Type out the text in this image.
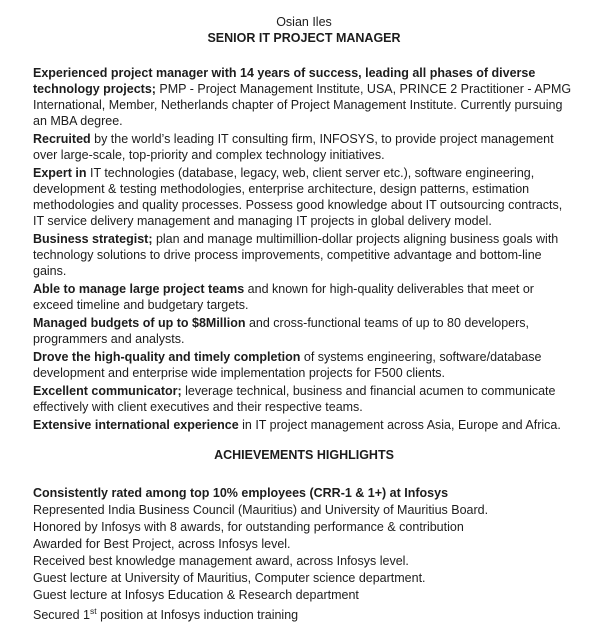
Osian Iles
SENIOR IT PROJECT MANAGER

Experienced project manager with 14 years of success, leading all phases of diverse technology projects; PMP - Project Management Institute, USA, PRINCE 2 Practitioner - APMG International, Member, Netherlands chapter of Project Management Institute. Currently pursuing an MBA degree.

Recruited by the world’s leading IT consulting firm, INFOSYS, to provide project management over large-scale, top-priority and complex technology initiatives.

Expert in IT technologies (database, legacy, web, client server etc.), software engineering, development & testing methodologies, enterprise architecture, design patterns, estimation methodologies and quality processes. Possess good knowledge about IT outsourcing contracts, IT service delivery management and managing IT projects in global delivery model.

Business strategist; plan and manage multimillion-dollar projects aligning business goals with technology solutions to drive process improvements, competitive advantage and bottom-line gains.

Able to manage large project teams and known for high-quality deliverables that meet or exceed timeline and budgetary targets.

Managed budgets of up to $8Million and cross-functional teams of up to 80 developers, programmers and analysts.

Drove the high-quality and timely completion of systems engineering, software/database development and enterprise wide implementation projects for F500 clients.

Excellent communicator; leverage technical, business and financial acumen to communicate effectively with client executives and their respective teams.

Extensive international experience in IT project management across Asia, Europe and Africa.

ACHIEVEMENTS HIGHLIGHTS

Consistently rated among top 10% employees (CRR-1 & 1+) at Infosys

Represented India Business Council (Mauritius) and University of Mauritius Board.

Honored by Infosys with 8 awards, for outstanding performance & contribution

Awarded for Best Project, across Infosys level.

Received best knowledge management award, across Infosys level.

Guest lecture at University of Mauritius, Computer science department.

Guest lecture at Infosys Education & Research department

Secured 1st position at Infosys induction training
